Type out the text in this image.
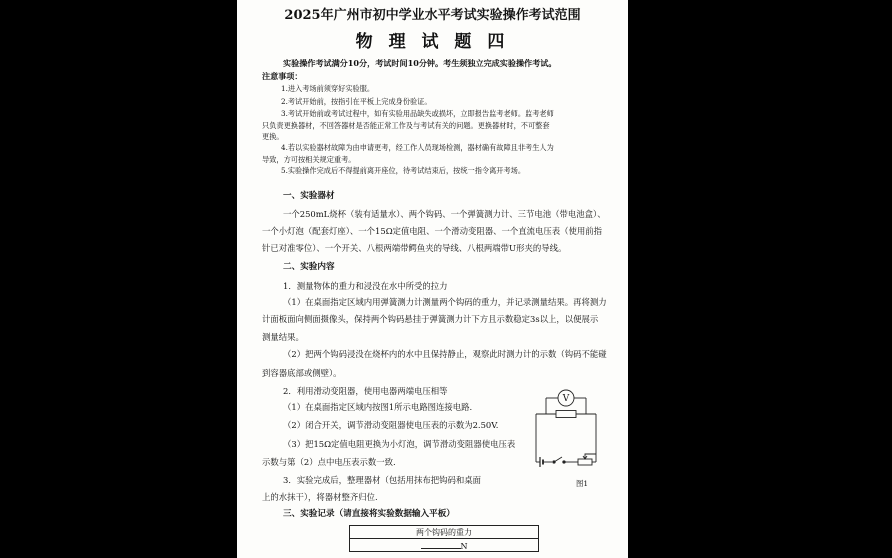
2025年广州市初中学业水平考试实验操作考试范围
物 理 试 题 四
实验操作考试满分10分，考试时间10分钟。考生须独立完成实验操作考试。
注意事项：
1.进入考场前须穿好实验服。
2.考试开始前，按指引在平板上完成身份验证。
3.考试开始前或考试过程中，如有实验用品缺失或损坏，立即报告监考老师。监考老师
只负责更换器材，不回答器材是否能正常工作及与考试有关的问题。更换器材时，不可整套
更换。
4.若以实验器材故障为由申请更考，经工作人员现场检测，器材确有故障且非考生人为
导致，方可按相关规定重考。
5.实验操作完成后不得提前离开座位，待考试结束后，按统一指令离开考场。
一、实验器材
一个250mL烧杯（装有适量水）、两个钩码、一个弹簧测力计、三节电池（带电池盒）、
一个小灯泡（配套灯座）、一个15Ω定值电阻、一个滑动变阻器、一个直流电压表（使用前指
针已对准零位）、一个开关、八根两端带鳄鱼夹的导线、八根两端带U形夹的导线。
二、实验内容
1．测量物体的重力和浸没在水中所受的拉力
（1）在桌面指定区域内用弹簧测力计测量两个钩码的重力，并记录测量结果。再将测力
计面板面向侧面摄像头，保持两个钩码悬挂于弹簧测力计下方且示数稳定3s以上，以便展示
测量结果。
（2）把两个钩码浸没在烧杯内的水中且保持静止，观察此时测力计的示数（钩码不能碰
到容器底部或侧壁）。
2．利用滑动变阻器，使用电器两端电压相等
（1）在桌面指定区域内按图1所示电路图连接电路.
（2）闭合开关，调节滑动变阻器使电压表的示数为2.50V.
（3）把15Ω定值电阻更换为小灯泡，调节滑动变阻器使电压表
示数与第（2）点中电压表示数一致.
3．实验完成后，整理器材（包括用抹布把钩码和桌面
上的水抹干），将器材整齐归位.
V
图1
三、实验记录（请直接将实验数据输入平板）
两个钩码的重力
N
